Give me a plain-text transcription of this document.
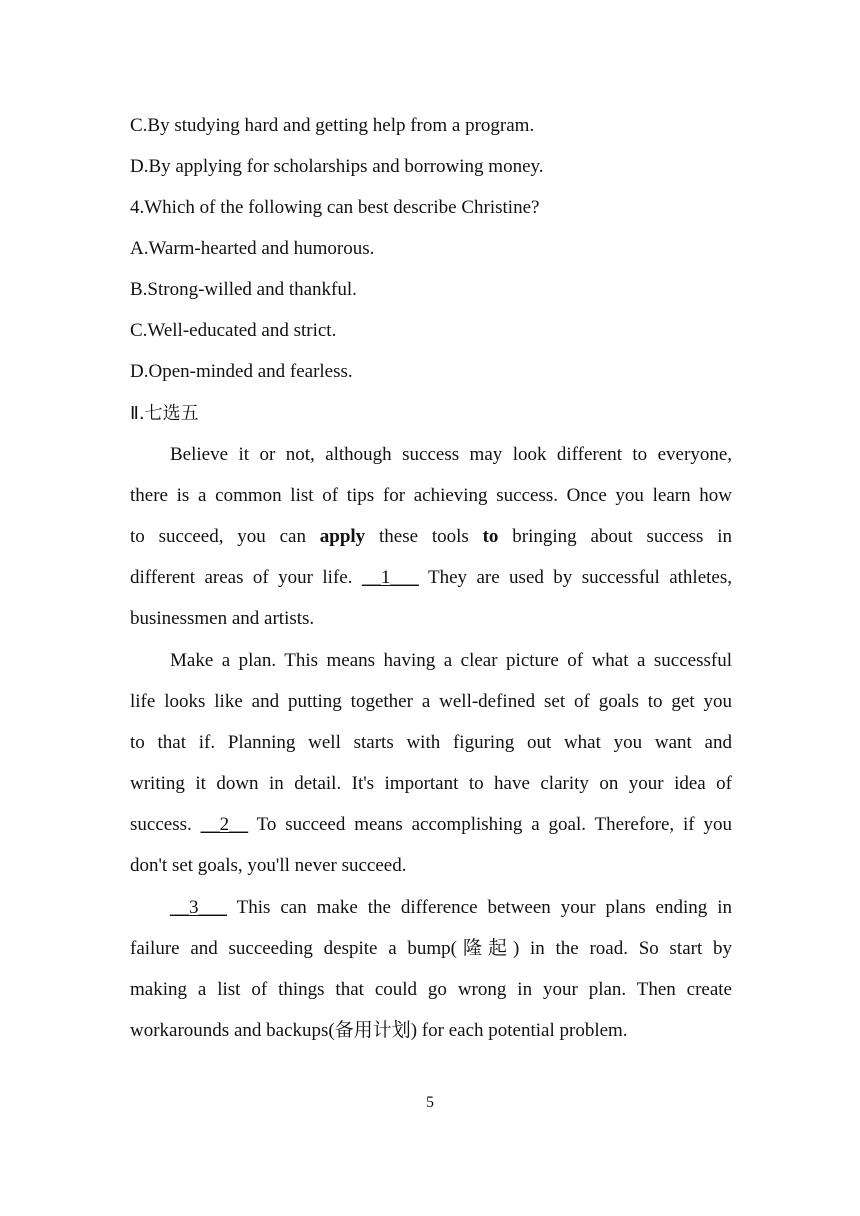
C.By studying hard and getting help from a program.
D.By applying for scholarships and borrowing money.
4.Which of the following can best describe Christine?
A.Warm-hearted and humorous.
B.Strong-willed and thankful.
C.Well-educated and strict.
D.Open-minded and fearless.
Ⅱ.七选五
Believe it or not, although success may look different to everyone,
there is a common list of tips for achieving success. Once you learn how
to succeed, you can apply these tools to bringing about success in
different areas of your life. __1___ They are used by successful athletes,
businessmen and artists.
Make a plan. This means having a clear picture of what a successful
life looks like and putting together a well-defined set of goals to get you
to that if. Planning well starts with figuring out what you want and
writing it down in detail. It's important to have clarity on your idea of
success. __2__ To succeed means accomplishing a goal. Therefore, if you
don't set goals, you'll never succeed.
__3___ This can make the difference between your plans ending in
failure and succeeding despite a bump(隆起) in the road. So start by
making a list of things that could go wrong in your plan. Then create
workarounds and backups(备用计划) for each potential problem.
5
